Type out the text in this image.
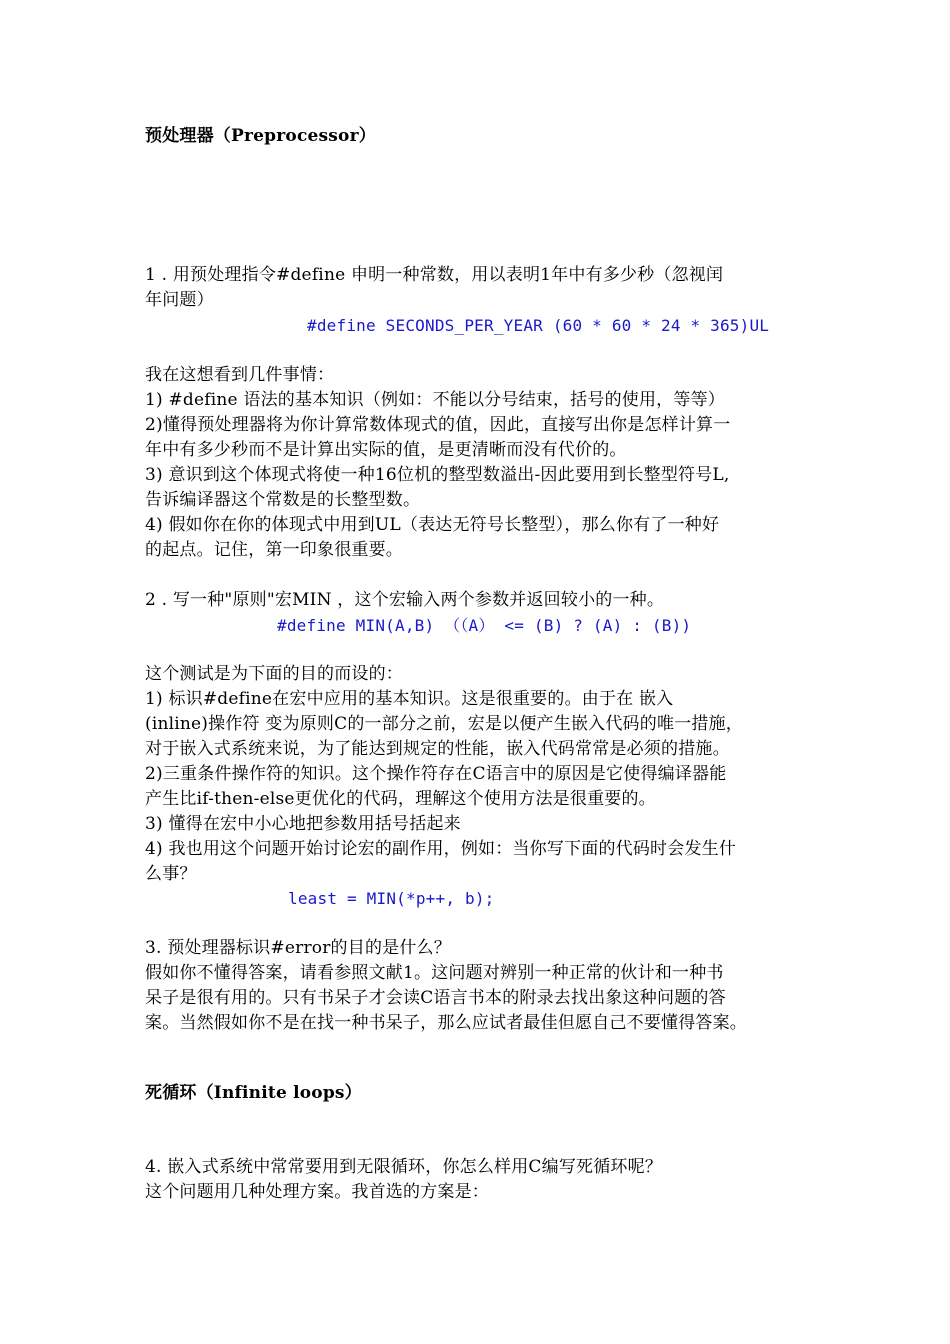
预处理器（Preprocessor）
1 . 用预处理指令#define 申明一种常数，用以表明1年中有多少秒（忽视闰
年问题）
#define SECONDS_PER_YEAR (60 * 60 * 24 * 365)UL
我在这想看到几件事情：
1) #define 语法的基本知识（例如：不能以分号结束，括号的使用，等等）
2)懂得预处理器将为你计算常数体现式的值，因此，直接写出你是怎样计算一
年中有多少秒而不是计算出实际的值，是更清晰而没有代价的。
3) 意识到这个体现式将使一种16位机的整型数溢出-因此要用到长整型符号L,
告诉编译器这个常数是的长整型数。
4) 假如你在你的体现式中用到UL（表达无符号长整型），那么你有了一种好
的起点。记住，第一印象很重要。
2 . 写一种"原则"宏MIN ，这个宏输入两个参数并返回较小的一种。
#define MIN(A,B) （（A） <= (B) ? (A) : (B))
这个测试是为下面的目的而设的：
1) 标识#define在宏中应用的基本知识。这是很重要的。由于在 嵌入
(inline)操作符 变为原则C的一部分之前，宏是以便产生嵌入代码的唯一措施，
对于嵌入式系统来说，为了能达到规定的性能，嵌入代码常常是必须的措施。
2)三重条件操作符的知识。这个操作符存在C语言中的原因是它使得编译器能
产生比if-then-else更优化的代码，理解这个使用方法是很重要的。
3) 懂得在宏中小心地把参数用括号括起来
4) 我也用这个问题开始讨论宏的副作用，例如：当你写下面的代码时会发生什
么事？
least = MIN(*p++, b);
3. 预处理器标识#error的目的是什么？
假如你不懂得答案，请看参照文献1。这问题对辨别一种正常的伙计和一种书
呆子是很有用的。只有书呆子才会读C语言书本的附录去找出象这种问题的答
案。当然假如你不是在找一种书呆子，那么应试者最佳但愿自己不要懂得答案。
死循环（Infinite loops）
4. 嵌入式系统中常常要用到无限循环，你怎么样用C编写死循环呢？
这个问题用几种处理方案。我首选的方案是：
